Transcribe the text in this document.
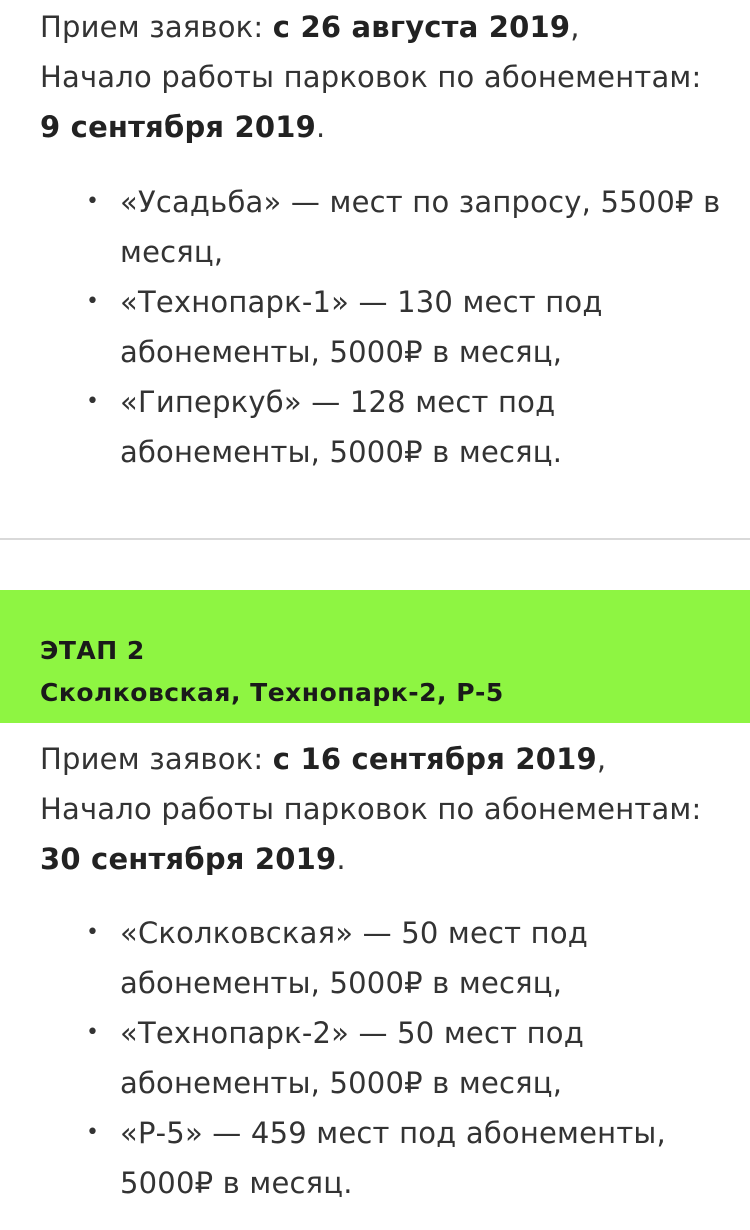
Прием заявок: с 26 августа 2019,

Начало работы парковок по абонементам: 9 сентября 2019.

• «Усадьба» — мест по запросу, 5500₽ в месяц,
• «Технопарк-1» — 130 мест под абонементы, 5000₽ в месяц,
• «Гиперкуб» — 128 мест под абонементы, 5000₽ в месяц.
ЭТАП 2
Сколковская, Технопарк-2, Р-5

Прием заявок: с 16 сентября 2019,

Начало работы парковок по абонементам: 30 сентября 2019.

• «Сколковская» — 50 мест под абонементы, 5000₽ в месяц,
• «Технопарк-2» — 50 мест под абонементы, 5000₽ в месяц,
• «Р-5» — 459 мест под абонементы, 5000₽ в месяц.
